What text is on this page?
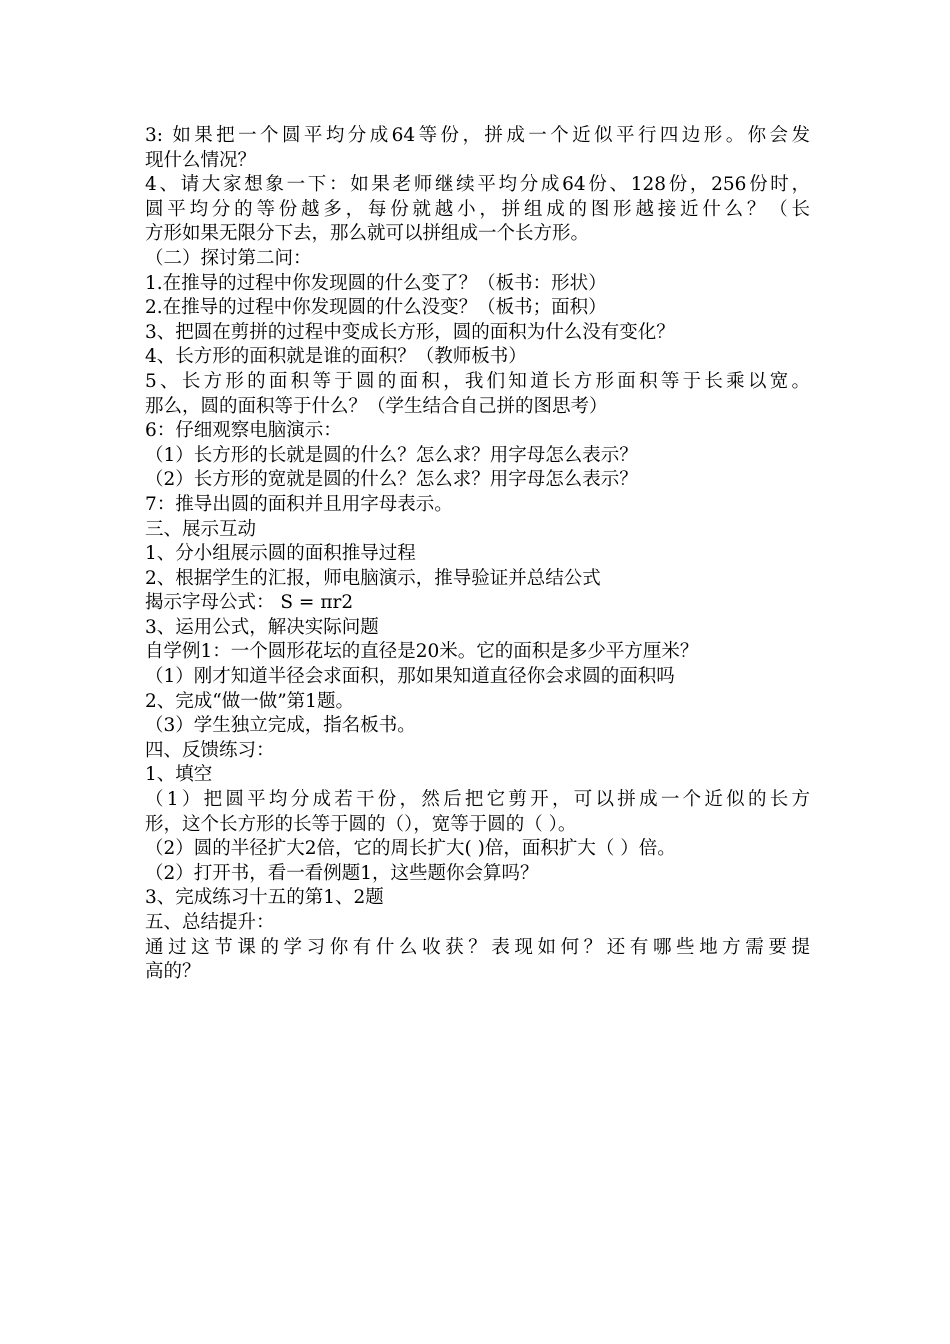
3: 如果把一个圆平均分成64等份，拼成一个近似平行四边形。你会发

现什么情况？

4、请大家想象一下：如果老师继续平均分成64份、128份，256份时，

圆平均分的等份越多，每份就越小，拼组成的图形越接近什么？（长

方形如果无限分下去，那么就可以拼组成一个长方形。

（二）探讨第二问：

1.在推导的过程中你发现圆的什么变了？（板书：形状）

2.在推导的过程中你发现圆的什么没变？（板书；面积）

3、把圆在剪拼的过程中变成长方形，圆的面积为什么没有变化？

4、长方形的面积就是谁的面积？（教师板书）

5、长方形的面积等于圆的面积，我们知道长方形面积等于长乘以宽。

那么，圆的面积等于什么？（学生结合自己拼的图思考）

6：仔细观察电脑演示：

（1）长方形的长就是圆的什么？怎么求？用字母怎么表示？

（2）长方形的宽就是圆的什么？怎么求？用字母怎么表示？

7：推导出圆的面积并且用字母表示。

三、展示互动

1、分小组展示圆的面积推导过程

2、根据学生的汇报，师电脑演示，推导验证并总结公式

揭示字母公式： S = πr2

3、运用公式，解决实际问题

自学例1：一个圆形花坛的直径是20米。它的面积是多少平方厘米？

（1）刚才知道半径会求面积，那如果知道直径你会求圆的面积吗

2、完成“做一做”第1题。

（3）学生独立完成，指名板书。

四、反馈练习：

1、填空

（1）把圆平均分成若干份，然后把它剪开，可以拼成一个近似的长方

形，这个长方形的长等于圆的（），宽等于圆的（ ）。

（2）圆的半径扩大2倍，它的周长扩大( )倍，面积扩大（ ）倍。

（2）打开书，看一看例题1，这些题你会算吗？

3、完成练习十五的第1、2题

五、总结提升：

通过这节课的学习你有什么收获？表现如何？还有哪些地方需要提

高的？
